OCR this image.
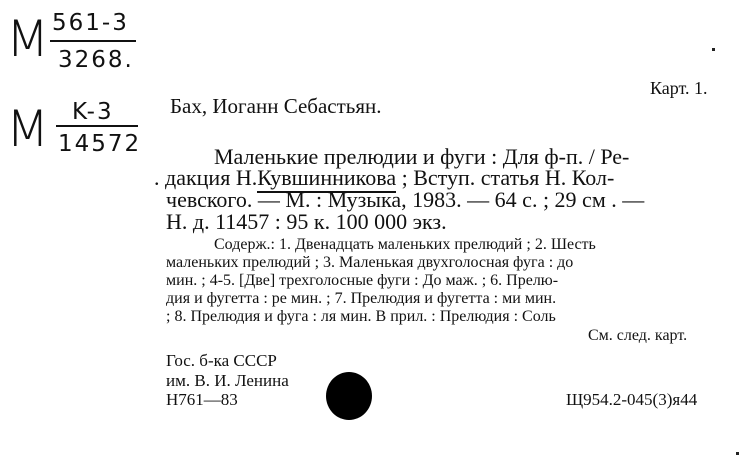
M 561-3
3268.
M K-3
14572
Карт. 1.
Бах, Иоганн Себастьян.
Маленькие прелюдии и фуги : Для ф-п. / Ре-
. дакция Н.Кувшинникова ; Вступ. статья Н. Кол-
чевского. — М. : Музыка, 1983. — 64 с. ; 29 см . —
Н. д. 11457 : 95 к. 100 000 экз.
Содерж.: 1. Двенадцать маленьких прелюдий ; 2. Шесть
маленьких прелюдий ; 3. Маленькая двухголосная фуга : до
мин. ; 4-5. [Две] трехголосные фуги : До маж. ; 6. Прелю-
дия и фугетта : ре мин. ; 7. Прелюдия и фугетта : ми мин.
; 8. Прелюдия и фуга : ля мин. В прил. : Прелюдия : Соль
См. след. карт.
Гос. б-ка СССР
им. В. И. Ленина
Н761—83	Щ954.2-045(3)я44
